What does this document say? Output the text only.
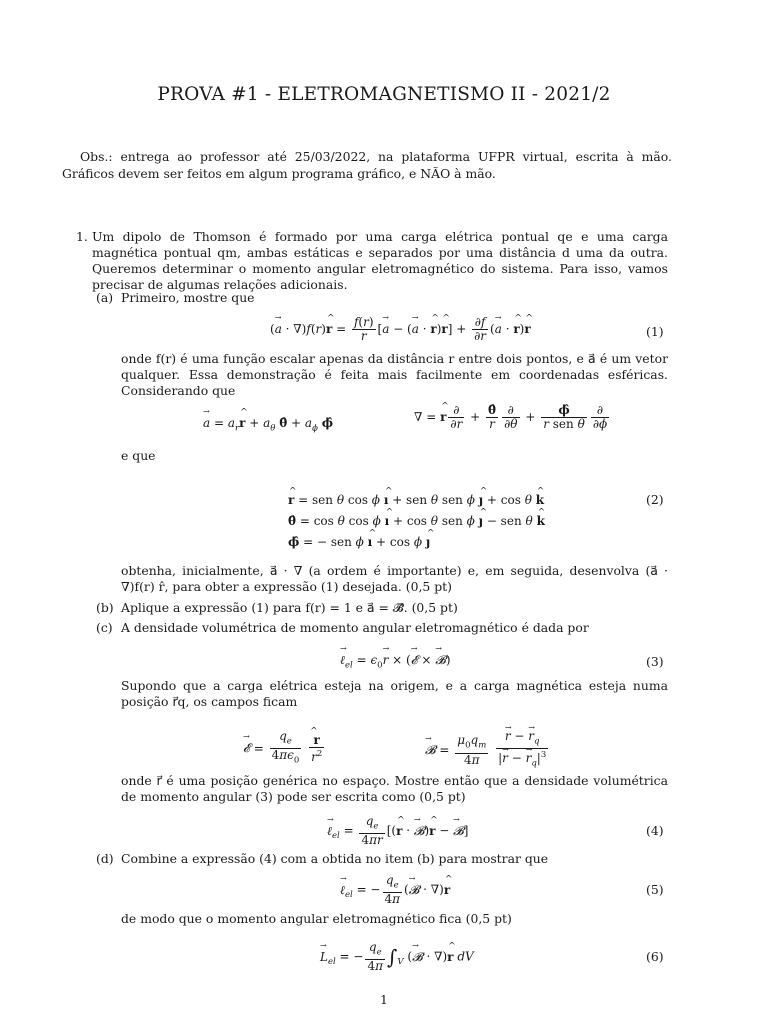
PROVA #1 - ELETROMAGNETISMO II - 2021/2
Obs.: entrega ao professor até 25/03/2022, na plataforma UFPR virtual, escrita à mão. Gráficos devem ser feitos em algum programa gráfico, e NÃO à mão.
1. Um dipolo de Thomson é formado por uma carga elétrica pontual qe e uma carga magnética pontual qm, ambas estáticas e separados por uma distância d uma da outra. Queremos determinar o momento angular eletromagnético do sistema. Para isso, vamos precisar de algumas relações adicionais.
(a) Primeiro, mostre que
(→ a · ∇)f(r)^ $r = \frac{f(r)}{r}$ [→ a − (→ a · ^ r)^ $r] + \frac{\partial f}{\partial r}$ (→ a · ^ r)^ r	(1)
onde f(r) é uma função escalar apenas da distância r entre dois pontos, e a⃗ é um vetor qualquer. Essa demonstração é feita mais facilmente em coordenadas esféricas. Considerando que
→ $a = a_r\^{}$ $r + a_\theta$ θ̂ + $a_\phi$ ϕ̂	∇ = ^ r $\frac{\partial}{\partial r} + \frac{\thetâ}{r} \frac{\partial}{\partial\theta} + \frac{\phî}{\text{r sen θ}} \frac{\partial}{\partial\phi}$
e que
^ r = sen θ cos ϕ ^ ı + sen θ sen ϕ ^ ȷ + cos θ ^ k
θ̂ = cos θ cos ϕ ^ ı + cos θ sen ϕ ^ ȷ − sen θ ^ k
ϕ̂ = − sen ϕ ^ ı + cos ϕ ^ ȷ
(2)
obtenha, inicialmente, a⃗ · ∇ (a ordem é importante) e, em seguida, desenvolva (a⃗ · ∇)f(r) r̂, para obter a expressão (1) desejada. (0,5 pt)
(b) Aplique a expressão (1) para f(r) = 1 e a⃗ = 𝓑⃗. (0,5 pt)
(c) A densidade volumétrica de momento angular eletromagnético é dada por
→ ℓ$_{el}$ = $\epsilon_0\to r$ × (→ 𝓔 × → 𝓑)	(3)
Supondo que a carga elétrica esteja na origem, e a carga magnética esteja numa posição r⃗q, os campos ficam
→ 𝓔 = $\frac{q_e}{4\pi\epsilon_0}$
^ $\frac{r}{r^2}$	→ 𝓑 = $\frac{\mu_0q_m}{4\pi}$
→ $\frac{r - \to r_q}{|\to r - \to r_q|^3}$
onde r⃗ é uma posição genérica no espaço. Mostre então que a densidade volumétrica de momento angular (3) pode ser escrita como (0,5 pt)
→ ℓ$_{el}$ = $\frac{q_e}{4\pi r}$ [(^ r · → 𝓑)^ r − → 𝓑]	(4)
(d) Combine a expressão (4) com a obtida no item (b) para mostrar que
→ ℓ$_{el}$ = − $\frac{q_e}{4\pi}$ (→ 𝓑 · ∇)^ r	(5)
de modo que o momento angular eletromagnético fica (0,5 pt)
→ $L_{el}$ = − $\frac{q_e}{4\pi} \int_V$ (→ 𝓑 · ∇)^ r dV	(6)
1
